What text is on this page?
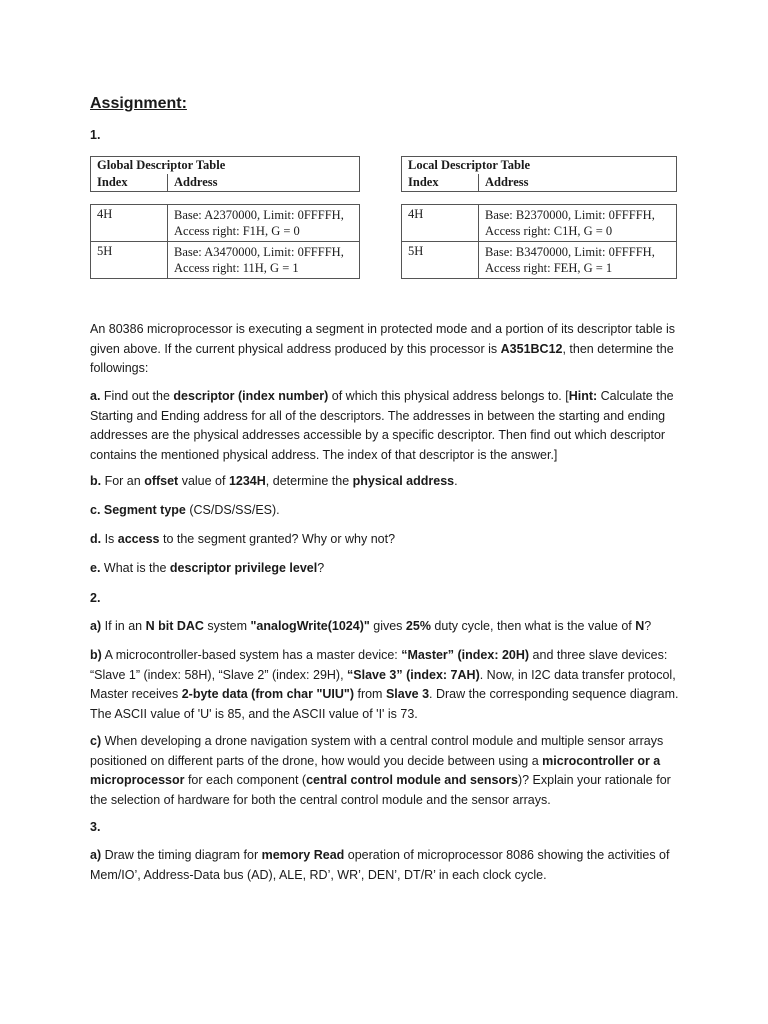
Assignment:
1.
Global Descriptor Table
Index	Address
4H	Base: A2370000, Limit: 0FFFFH, Access right: F1H, G = 0
5H	Base: A3470000, Limit: 0FFFFH, Access right: 11H, G = 1
Local Descriptor Table
Index	Address
4H	Base: B2370000, Limit: 0FFFFH, Access right: C1H, G = 0
5H	Base: B3470000, Limit: 0FFFFH, Access right: FEH, G = 1
An 80386 microprocessor is executing a segment in protected mode and a portion of its descriptor table is given above. If the current physical address produced by this processor is A351BC12, then determine the followings:
a. Find out the descriptor (index number) of which this physical address belongs to. [Hint: Calculate the Starting and Ending address for all of the descriptors. The addresses in between the starting and ending addresses are the physical addresses accessible by a specific descriptor. Then find out which descriptor contains the mentioned physical address. The index of that descriptor is the answer.]
b. For an offset value of 1234H, determine the physical address.
c. Segment type (CS/DS/SS/ES).
d. Is access to the segment granted? Why or why not?
e. What is the descriptor privilege level?
2.
a) If in an N bit DAC system "analogWrite(1024)" gives 25% duty cycle, then what is the value of N?
b) A microcontroller-based system has a master device: “Master” (index: 20H) and three slave devices: “Slave 1” (index: 58H), “Slave 2” (index: 29H), “Slave 3” (index: 7AH). Now, in I2C data transfer protocol, Master receives 2-byte data (from char "UIU") from Slave 3. Draw the corresponding sequence diagram. The ASCII value of 'U' is 85, and the ASCII value of 'I' is 73.
c) When developing a drone navigation system with a central control module and multiple sensor arrays positioned on different parts of the drone, how would you decide between using a microcontroller or a microprocessor for each component (central control module and sensors)? Explain your rationale for the selection of hardware for both the central control module and the sensor arrays.
3.
a) Draw the timing diagram for memory Read operation of microprocessor 8086 showing the activities of Mem/IO’, Address-Data bus (AD), ALE, RD’, WR’, DEN’, DT/R’ in each clock cycle.
